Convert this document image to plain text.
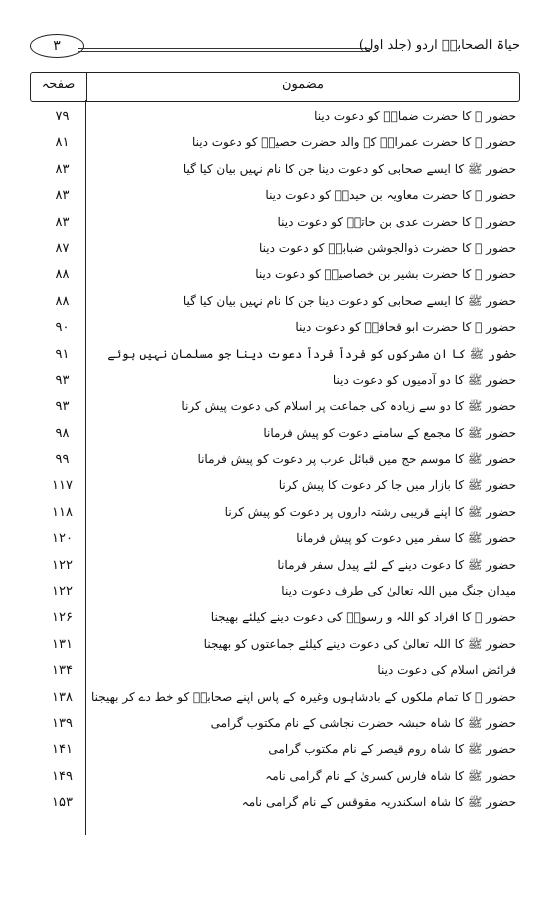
۳	حیاۃ الصحابہؓ اردو (جلد اول)
صفحہ	مضمون
۷۹	حضور ﷺ کا حضرت ضمادؓ کو دعوت دینا
۸۱	حضور ﷺ کا حضرت عمرانؓ کے والد حضرت حصینؓ کو دعوت دینا
۸۳	حضور ﷺ کا ایسے صحابی کو دعوت دینا جن کا نام نہیں بیان کیا گیا
۸۳	حضور ﷺ کا حضرت معاویہ بن حیدہؓ کو دعوت دینا
۸۳	حضور ﷺ کا حضرت عدی بن حاتمؓ کو دعوت دینا
۸۷	حضور ﷺ کا حضرت ذوالجوشن ضبابیؓ کو دعوت دینا
۸۸	حضور ﷺ کا حضرت بشیر بن خصاصیہؓ کو دعوت دینا
۸۸	حضور ﷺ کا ایسے صحابی کو دعوت دینا جن کا نام نہیں بیان کیا گیا
۹۰	حضور ﷺ کا حضرت ابو قحافہؓ کو دعوت دینا
۹۱	حضور ﷺ کا ان مشرکوں کو فرداً فرداً دعوت دینا جو مسلمان نہیں ہوئے
۹۳	حضور ﷺ کا دو آدمیوں کو دعوت دینا
۹۳	حضور ﷺ کا دو سے زیادہ کی جماعت پر اسلام کی دعوت پیش کرنا
۹۸	حضور ﷺ کا مجمع کے سامنے دعوت کو پیش فرمانا
۹۹	حضور ﷺ کا موسم حج میں قبائل عرب پر دعوت کو پیش فرمانا
۱۱۷	حضور ﷺ کا بازار میں جا کر دعوت کا پیش کرنا
۱۱۸	حضور ﷺ کا اپنے قریبی رشتہ داروں پر دعوت کو پیش کرنا
۱۲۰	حضور ﷺ کا سفر میں دعوت کو پیش فرمانا
۱۲۲	حضور ﷺ کا دعوت دینے کے لئے پیدل سفر فرمانا
۱۲۲	میدان جنگ میں اللہ تعالیٰ کی طرف دعوت دینا
۱۲۶	حضور ﷺ کا افراد کو اللہ و رسولؐ کی دعوت دینے کیلئے بھیجنا
۱۳۱	حضور ﷺ کا اللہ تعالیٰ کی دعوت دینے کیلئے جماعتوں کو بھیجنا
۱۳۴	فرائض اسلام کی دعوت دینا
۱۳۸	حضور ﷺ کا تمام ملکوں کے بادشاہوں وغیرہ کے پاس اپنے صحابہؓ کو خط دے کر بھیجنا
۱۳۹	حضور ﷺ کا شاہ حبشہ حضرت نجاشی کے نام مکتوب گرامی
۱۴۱	حضور ﷺ کا شاہ روم قیصر کے نام مکتوب گرامی
۱۴۹	حضور ﷺ کا شاہ فارس کسریٰ کے نام گرامی نامہ
۱۵۳	حضور ﷺ کا شاہ اسکندریہ مقوقس کے نام گرامی نامہ
